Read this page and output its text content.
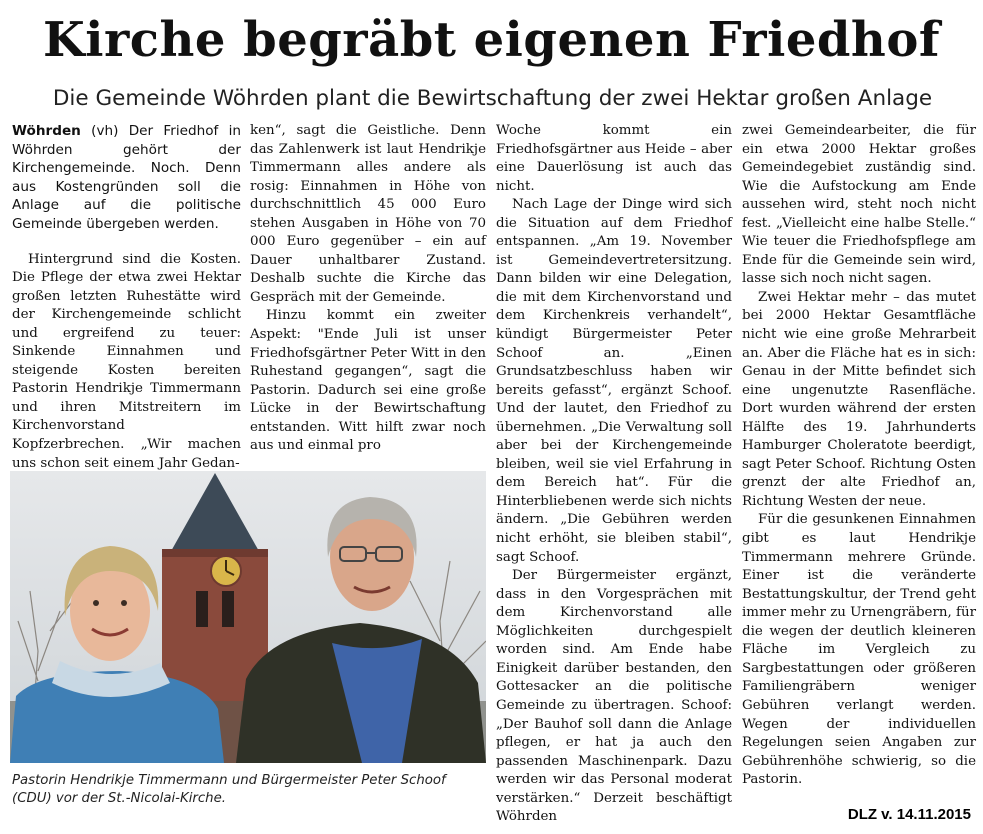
Kirche begräbt eigenen Friedhof
Die Gemeinde Wöhrden plant die Bewirtschaftung der zwei Hektar großen Anlage

Wöhrden (vh) Der Friedhof in Wöhrden gehört der Kirchengemeinde. Noch. Denn aus Kostengründen soll die Anlage auf die politische Gemeinde übergeben werden.

Hintergrund sind die Kosten. Die Pflege der etwa zwei Hektar großen letzten Ruhestätte wird der Kirchengemeinde schlicht und ergreifend zu teuer: Sinkende Einnahmen und steigende Kosten bereiten Pastorin Hendrikje Timmermann und ihren Mitstreitern im Kirchenvorstand Kopfzerbrechen. „Wir machen uns schon seit einem Jahr Gedan-

ken“, sagt die Geistliche. Denn das Zahlenwerk ist laut Hendrikje Timmermann alles andere als rosig: Einnahmen in Höhe von durchschnittlich 45 000 Euro stehen Ausgaben in Höhe von 70 000 Euro gegenüber – ein auf Dauer unhaltbarer Zustand. Deshalb suchte die Kirche das Gespräch mit der Gemeinde.

Hinzu kommt ein zweiter Aspekt: "Ende Juli ist unser Friedhofsgärtner Peter Witt in den Ruhestand gegangen“, sagt die Pastorin. Dadurch sei eine große Lücke in der Bewirtschaftung entstanden. Witt hilft zwar noch aus und einmal pro

Woche kommt ein Friedhofsgärtner aus Heide – aber eine Dauerlösung ist auch das nicht.

Nach Lage der Dinge wird sich die Situation auf dem Friedhof entspannen. „Am 19. November ist Gemeindevertretersitzung. Dann bilden wir eine Delegation, die mit dem Kirchenvorstand und dem Kirchenkreis verhandelt“, kündigt Bürgermeister Peter Schoof an. „Einen Grundsatzbeschluss haben wir bereits gefasst“, ergänzt Schoof. Und der lautet, den Friedhof zu übernehmen. „Die Verwaltung soll aber bei der Kirchengemeinde bleiben, weil sie viel Erfahrung in dem Bereich hat“. Für die Hinterbliebenen werde sich nichts ändern. „Die Gebühren werden nicht erhöht, sie bleiben stabil“, sagt Schoof.

Der Bürgermeister ergänzt, dass in den Vorgesprächen mit dem Kirchenvorstand alle Möglichkeiten durchgespielt worden sind. Am Ende habe Einigkeit darüber bestanden, den Gottesacker an die politische Gemeinde zu übertragen. Schoof: „Der Bauhof soll dann die Anlage pflegen, er hat ja auch den passenden Maschinenpark. Dazu werden wir das Personal moderat verstärken.“ Derzeit beschäftigt Wöhrden

zwei Gemeindearbeiter, die für ein etwa 2000 Hektar großes Gemeindegebiet zuständig sind. Wie die Aufstockung am Ende aussehen wird, steht noch nicht fest. „Vielleicht eine halbe Stelle.“ Wie teuer die Friedhofspflege am Ende für die Gemeinde sein wird, lasse sich noch nicht sagen.

Zwei Hektar mehr – das mutet bei 2000 Hektar Gesamtfläche nicht wie eine große Mehrarbeit an. Aber die Fläche hat es in sich: Genau in der Mitte befindet sich eine ungenutzte Rasenfläche. Dort wurden während der ersten Hälfte des 19. Jahrhunderts Hamburger Choleratote beerdigt, sagt Peter Schoof. Richtung Osten grenzt der alte Friedhof an, Richtung Westen der neue.

Für die gesunkenen Einnahmen gibt es laut Hendrikje Timmermann mehrere Gründe. Einer ist die veränderte Bestattungskultur, der Trend geht immer mehr zu Urnengräbern, für die wegen der deutlich kleineren Fläche im Vergleich zu Sargbestattungen oder größeren Familiengräbern weniger Gebühren verlangt werden. Wegen der individuellen Regelungen seien Angaben zur Gebührenhöhe schwierig, so die Pastorin.

Pastorin Hendrikje Timmermann und Bürgermeister Peter Schoof (CDU) vor der St.-Nicolai-Kirche.
DLZ v. 14.11.2015
